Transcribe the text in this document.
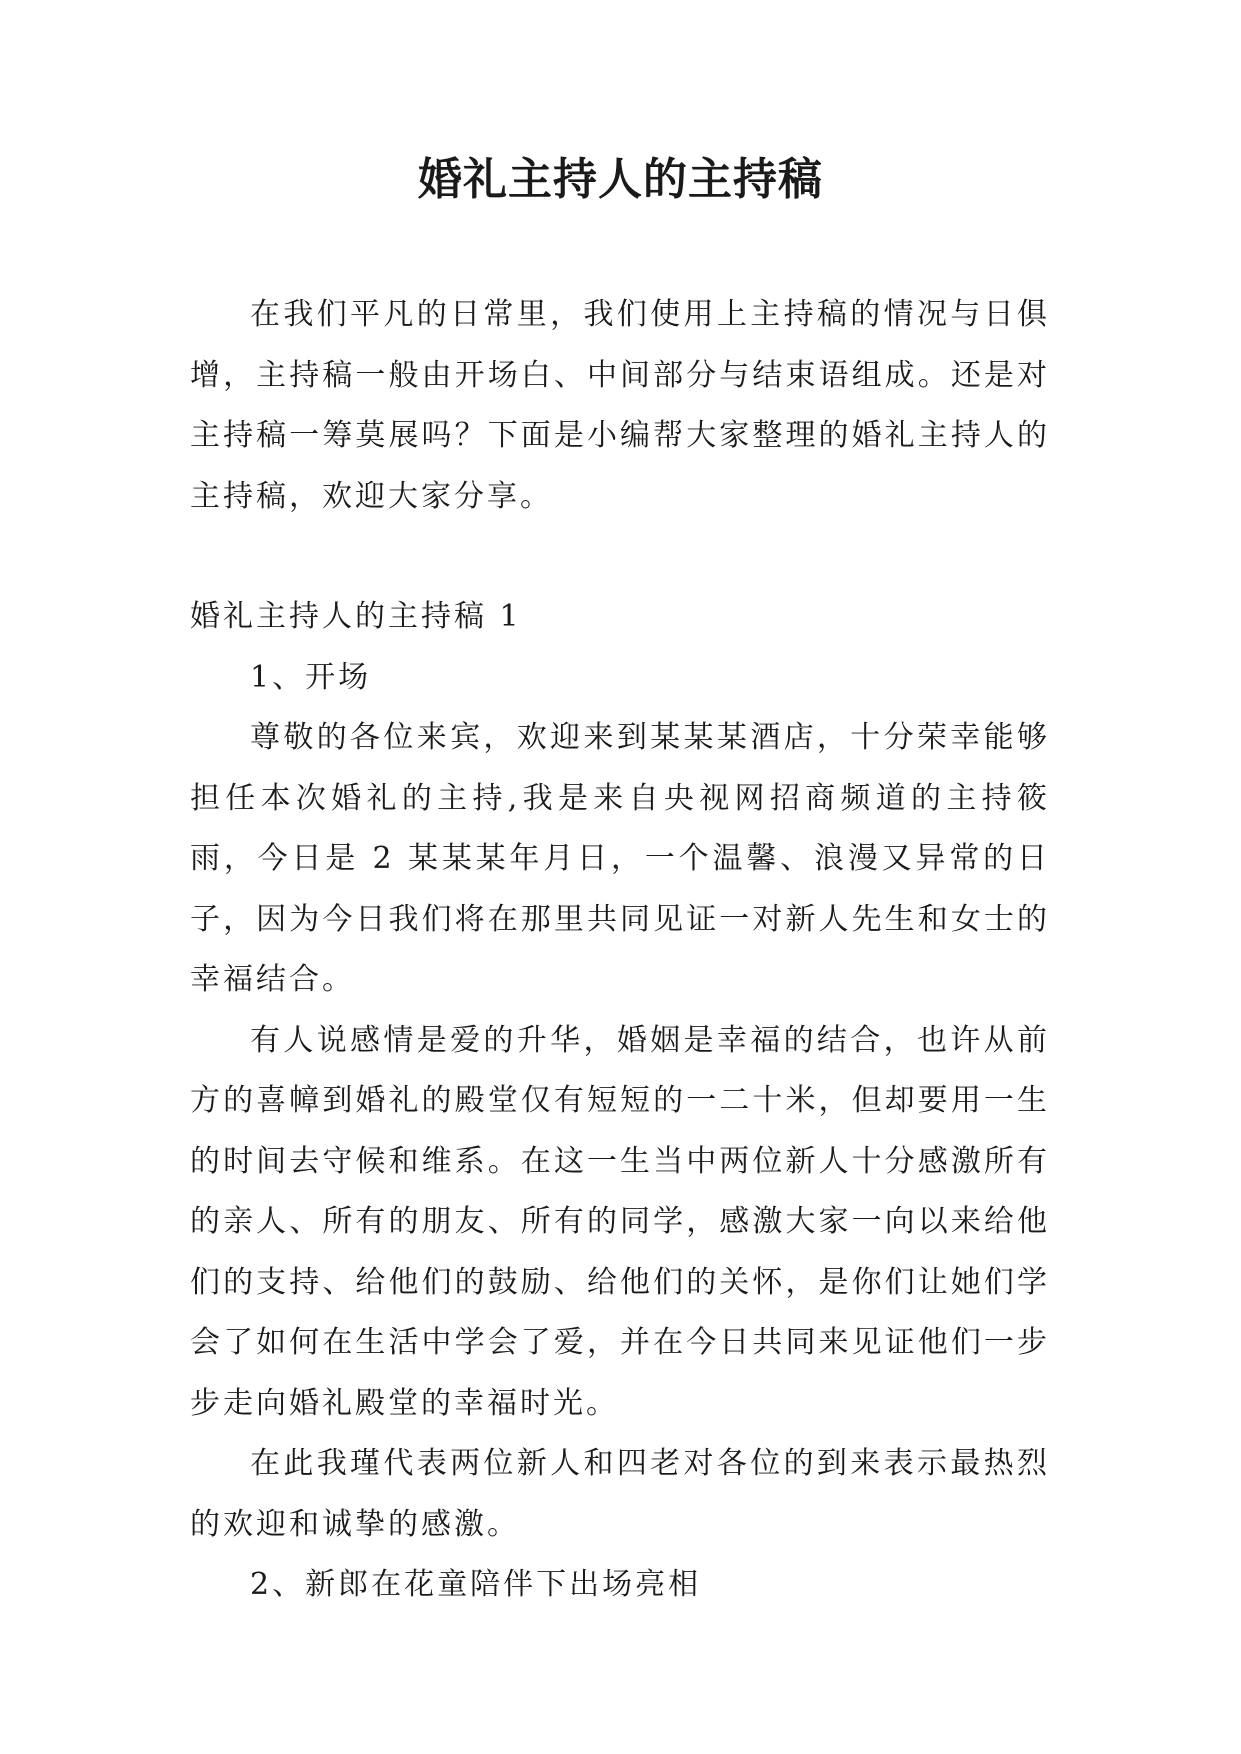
婚礼主持人的主持稿

在我们平凡的日常里，我们使用上主持稿的情况与日俱增，主持稿一般由开场白、中间部分与结束语组成。还是对主持稿一筹莫展吗？下面是小编帮大家整理的婚礼主持人的主持稿，欢迎大家分享。

婚礼主持人的主持稿 1

1、开场

尊敬的各位来宾，欢迎来到某某某酒店，十分荣幸能够担任本次婚礼的主持,我是来自央视网招商频道的主持筱雨，今日是 2 某某某年月日，一个温馨、浪漫又异常的日子，因为今日我们将在那里共同见证一对新人先生和女士的幸福结合。

有人说感情是爱的升华，婚姻是幸福的结合，也许从前方的喜幛到婚礼的殿堂仅有短短的一二十米，但却要用一生的时间去守候和维系。在这一生当中两位新人十分感激所有的亲人、所有的朋友、所有的同学，感激大家一向以来给他们的支持、给他们的鼓励、给他们的关怀，是你们让她们学会了如何在生活中学会了爱，并在今日共同来见证他们一步步走向婚礼殿堂的幸福时光。

在此我瑾代表两位新人和四老对各位的到来表示最热烈的欢迎和诚挚的感激。

2、新郎在花童陪伴下出场亮相
